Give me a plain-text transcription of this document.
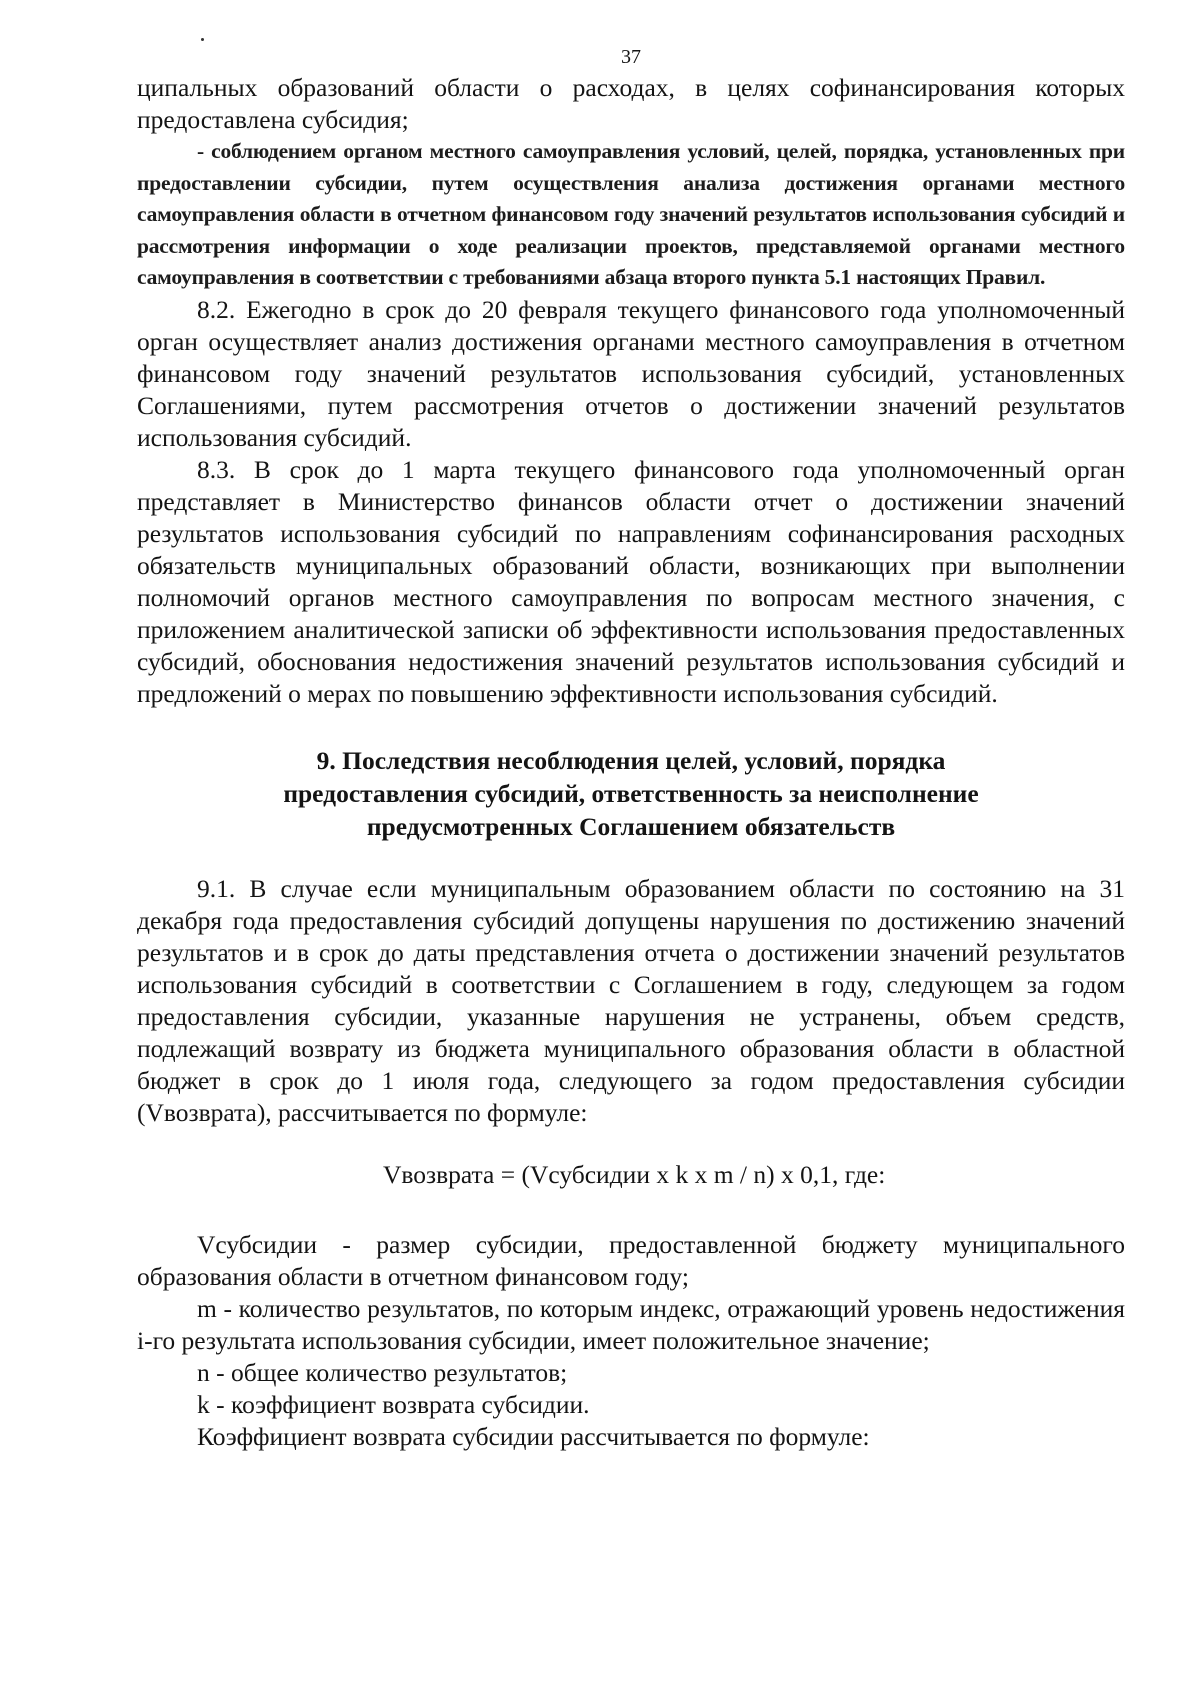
37

ципальных образований области о расходах, в целях софинансирования которых предоставлена субсидия;

- соблюдением органом местного самоуправления условий, целей, порядка, установленных при предоставлении субсидии, путем осуществления анализа достижения органами местного самоуправления области в отчетном финансовом году значений результатов использования субсидий и рассмотрения информации о ходе реализации проектов, представляемой органами местного самоуправления в соответствии с требованиями абзаца второго пункта 5.1 настоящих Правил.

8.2. Ежегодно в срок до 20 февраля текущего финансового года уполномоченный орган осуществляет анализ достижения органами местного самоуправления в отчетном финансовом году значений результатов использования субсидий, установленных Соглашениями, путем рассмотрения отчетов о достижении значений результатов использования субсидий.

8.3. В срок до 1 марта текущего финансового года уполномоченный орган представляет в Министерство финансов области отчет о достижении значений результатов использования субсидий по направлениям софинансирования расходных обязательств муниципальных образований области, возникающих при выполнении полномочий органов местного самоуправления по вопросам местного значения, с приложением аналитической записки об эффективности использования предоставленных субсидий, обоснования недостижения значений результатов использования субсидий и предложений о мерах по повышению эффективности использования субсидий.

9. Последствия несоблюдения целей, условий, порядка
предоставления субсидий, ответственность за неисполнение
предусмотренных Соглашением обязательств

9.1. В случае если муниципальным образованием области по состоянию на 31 декабря года предоставления субсидий допущены нарушения по достижению значений результатов и в срок до даты представления отчета о достижении значений результатов использования субсидий в соответствии с Соглашением в году, следующем за годом предоставления субсидии, указанные нарушения не устранены, объем средств, подлежащий возврату из бюджета муниципального образования области в областной бюджет в срок до 1 июля года, следующего за годом предоставления субсидии (Vвозврата), рассчитывается по формуле:

Vвозврата = (Vсубсидии x k x m / n) x 0,1, где:

Vсубсидии - размер субсидии, предоставленной бюджету муниципального образования области в отчетном финансовом году;

m - количество результатов, по которым индекс, отражающий уровень недостижения i-го результата использования субсидии, имеет положительное значение;

n - общее количество результатов;

k - коэффициент возврата субсидии.

Коэффициент возврата субсидии рассчитывается по формуле:
